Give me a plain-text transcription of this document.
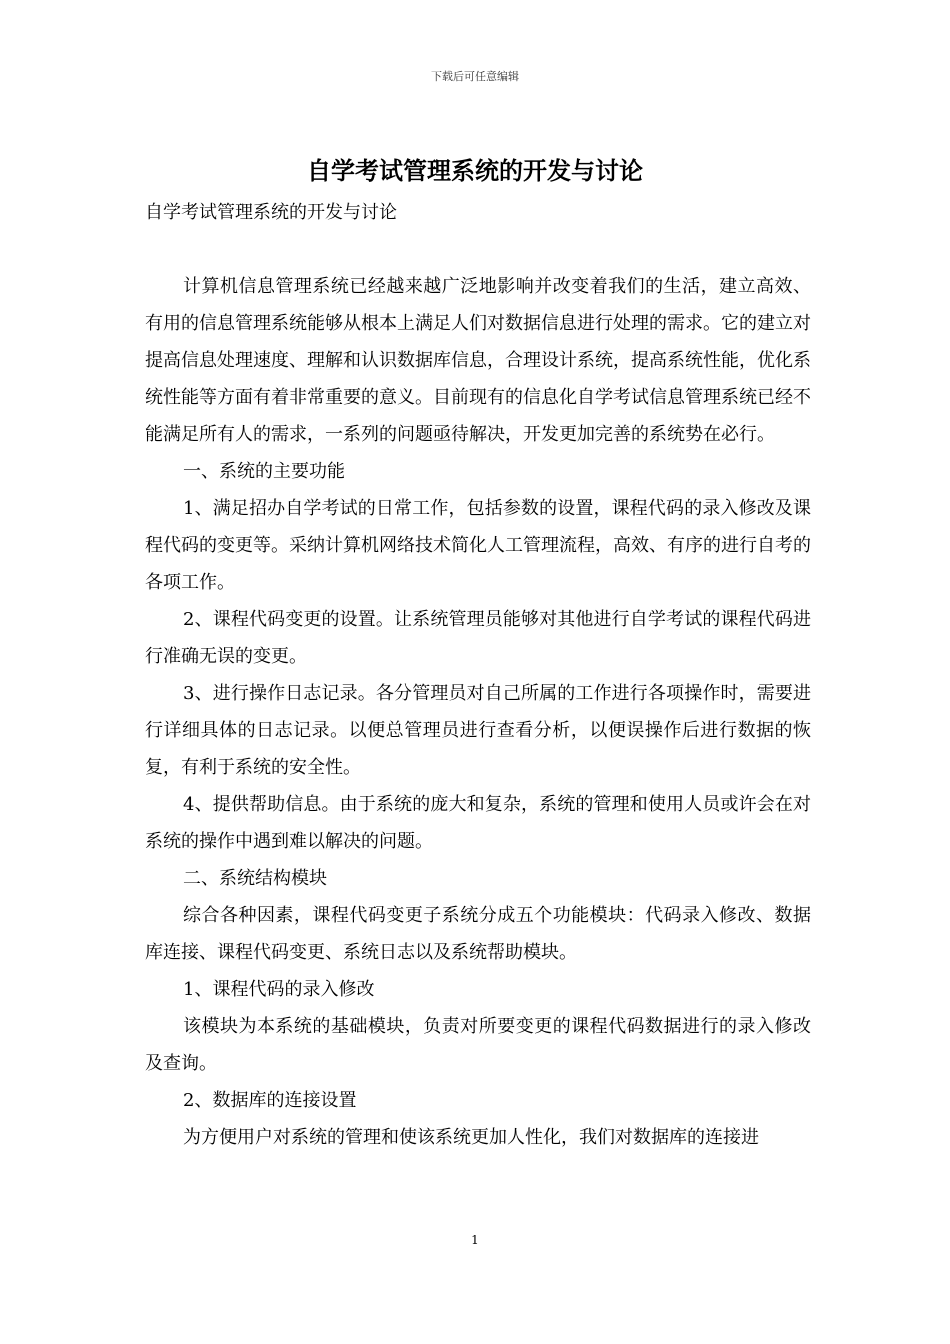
下载后可任意编辑
自学考试管理系统的开发与讨论

自学考试管理系统的开发与讨论

计算机信息管理系统已经越来越广泛地影响并改变着我们的生活，建立高效、有用的信息管理系统能够从根本上满足人们对数据信息进行处理的需求。它的建立对提高信息处理速度、理解和认识数据库信息，合理设计系统，提高系统性能，优化系统性能等方面有着非常重要的意义。目前现有的信息化自学考试信息管理系统已经不能满足所有人的需求，一系列的问题亟待解决，开发更加完善的系统势在必行。

一、系统的主要功能

1、满足招办自学考试的日常工作，包括参数的设置，课程代码的录入修改及课程代码的变更等。采纳计算机网络技术简化人工管理流程，高效、有序的进行自考的各项工作。

2、课程代码变更的设置。让系统管理员能够对其他进行自学考试的课程代码进行准确无误的变更。

3、进行操作日志记录。各分管理员对自己所属的工作进行各项操作时，需要进行详细具体的日志记录。以便总管理员进行查看分析，以便误操作后进行数据的恢复，有利于系统的安全性。

4、提供帮助信息。由于系统的庞大和复杂，系统的管理和使用人员或许会在对系统的操作中遇到难以解决的问题。

二、系统结构模块

综合各种因素，课程代码变更子系统分成五个功能模块：代码录入修改、数据库连接、课程代码变更、系统日志以及系统帮助模块。

1、课程代码的录入修改

该模块为本系统的基础模块，负责对所要变更的课程代码数据进行的录入修改及查询。

2、数据库的连接设置

为方便用户对系统的管理和使该系统更加人性化，我们对数据库的连接进

1
